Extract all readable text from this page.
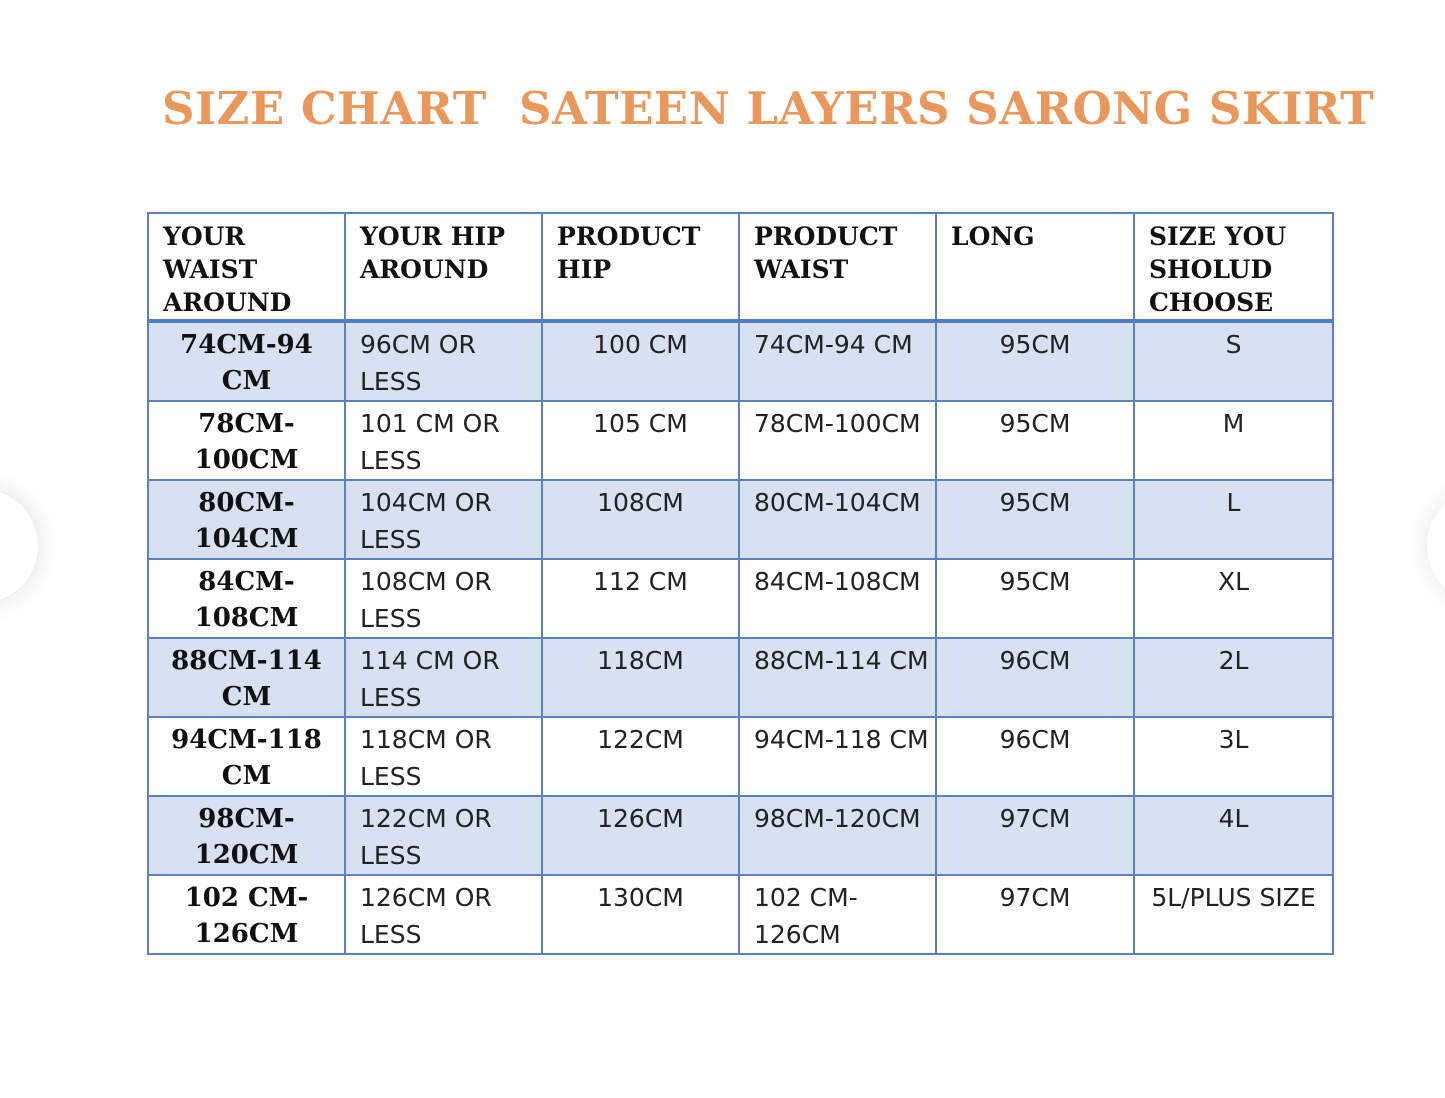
SIZE CHART  SATEEN LAYERS SARONG SKIRT
YOUR WAIST AROUND	YOUR HIP AROUND	PRODUCT HIP	PRODUCT WAIST	LONG	SIZE YOU SHOLUD CHOOSE
74CM-94 CM	96CM OR LESS	100 CM	74CM-94 CM	95CM	S
78CM-100CM	101 CM OR LESS	105 CM	78CM-100CM	95CM	M
80CM-104CM	104CM OR LESS	108CM	80CM-104CM	95CM	L
84CM-108CM	108CM OR LESS	112 CM	84CM-108CM	95CM	XL
88CM-114 CM	114 CM OR LESS	118CM	88CM-114 CM	96CM	2L
94CM-118 CM	118CM OR LESS	122CM	94CM-118 CM	96CM	3L
98CM-120CM	122CM OR LESS	126CM	98CM-120CM	97CM	4L
102 CM-126CM	126CM OR LESS	130CM	102 CM-126CM	97CM	5L/PLUS SIZE
